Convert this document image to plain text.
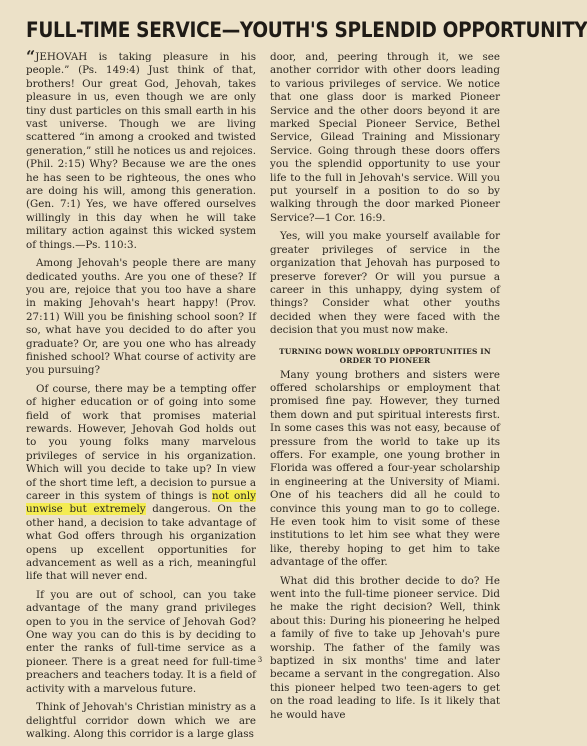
FULL-TIME SERVICE—YOUTH'S SPLENDID OPPORTUNITY

“JEHOVAH is taking pleasure in his people.” (Ps. 149:4) Just think of that, brothers! Our great God, Jehovah, takes pleasure in us, even though we are only tiny dust particles on this small earth in his vast universe. Though we are living scattered “in among a crooked and twisted generation,” still he notices us and rejoices. (Phil. 2:15) Why? Because we are the ones he has seen to be righteous, the ones who are doing his will, among this generation. (Gen. 7:1) Yes, we have offered ourselves willingly in this day when he will take military action against this wicked system of things.—Ps. 110:3.

Among Jehovah's people there are many dedicated youths. Are you one of these? If you are, rejoice that you too have a share in making Jehovah's heart happy! (Prov. 27:11) Will you be finishing school soon? If so, what have you decided to do after you graduate? Or, are you one who has already finished school? What course of activity are you pursuing?

Of course, there may be a tempting offer of higher education or of going into some field of work that promises material rewards. However, Jehovah God holds out to you young folks many marvelous privileges of service in his organization. Which will you decide to take up? In view of the short time left, a decision to pursue a career in this system of things is not only unwise but extremely dangerous. On the other hand, a decision to take advantage of what God offers through his organization opens up excellent opportunities for advancement as well as a rich, meaningful life that will never end.

If you are out of school, can you take advantage of the many grand privileges open to you in the service of Jehovah God? One way you can do this is by deciding to enter the ranks of full-time service as a pioneer. There is a great need for full-time preachers and teachers today. It is a field of activity with a marvelous future.

Think of Jehovah's Christian ministry as a delightful corridor down which we are walking. Along this corridor is a large glass

door, and, peering through it, we see another corridor with other doors leading to various privileges of service. We notice that one glass door is marked Pioneer Service and the other doors beyond it are marked Special Pioneer Service, Bethel Service, Gilead Training and Missionary Service. Going through these doors offers you the splendid opportunity to use your life to the full in Jehovah's service. Will you put yourself in a position to do so by walking through the door marked Pioneer Service?—1 Cor. 16:9.

Yes, will you make yourself available for greater privileges of service in the organization that Jehovah has purposed to preserve forever? Or will you pursue a career in this unhappy, dying system of things? Consider what other youths decided when they were faced with the decision that you must now make.

TURNING DOWN WORLDLY OPPORTUNITIES IN ORDER TO PIONEER

Many young brothers and sisters were offered scholarships or employment that promised fine pay. However, they turned them down and put spiritual interests first. In some cases this was not easy, because of pressure from the world to take up its offers. For example, one young brother in Florida was offered a four-year scholarship in engineering at the University of Miami. One of his teachers did all he could to convince this young man to go to college. He even took him to visit some of these institutions to let him see what they were like, thereby hoping to get him to take advantage of the offer.

What did this brother decide to do? He went into the full-time pioneer service. Did he make the right decision? Well, think about this: During his pioneering he helped a family of five to take up Jehovah's pure worship. The father of the family was baptized in six months' time and later became a servant in the congregation. Also this pioneer helped two teen-agers to get on the road leading to life. Is it likely that he would have

3
